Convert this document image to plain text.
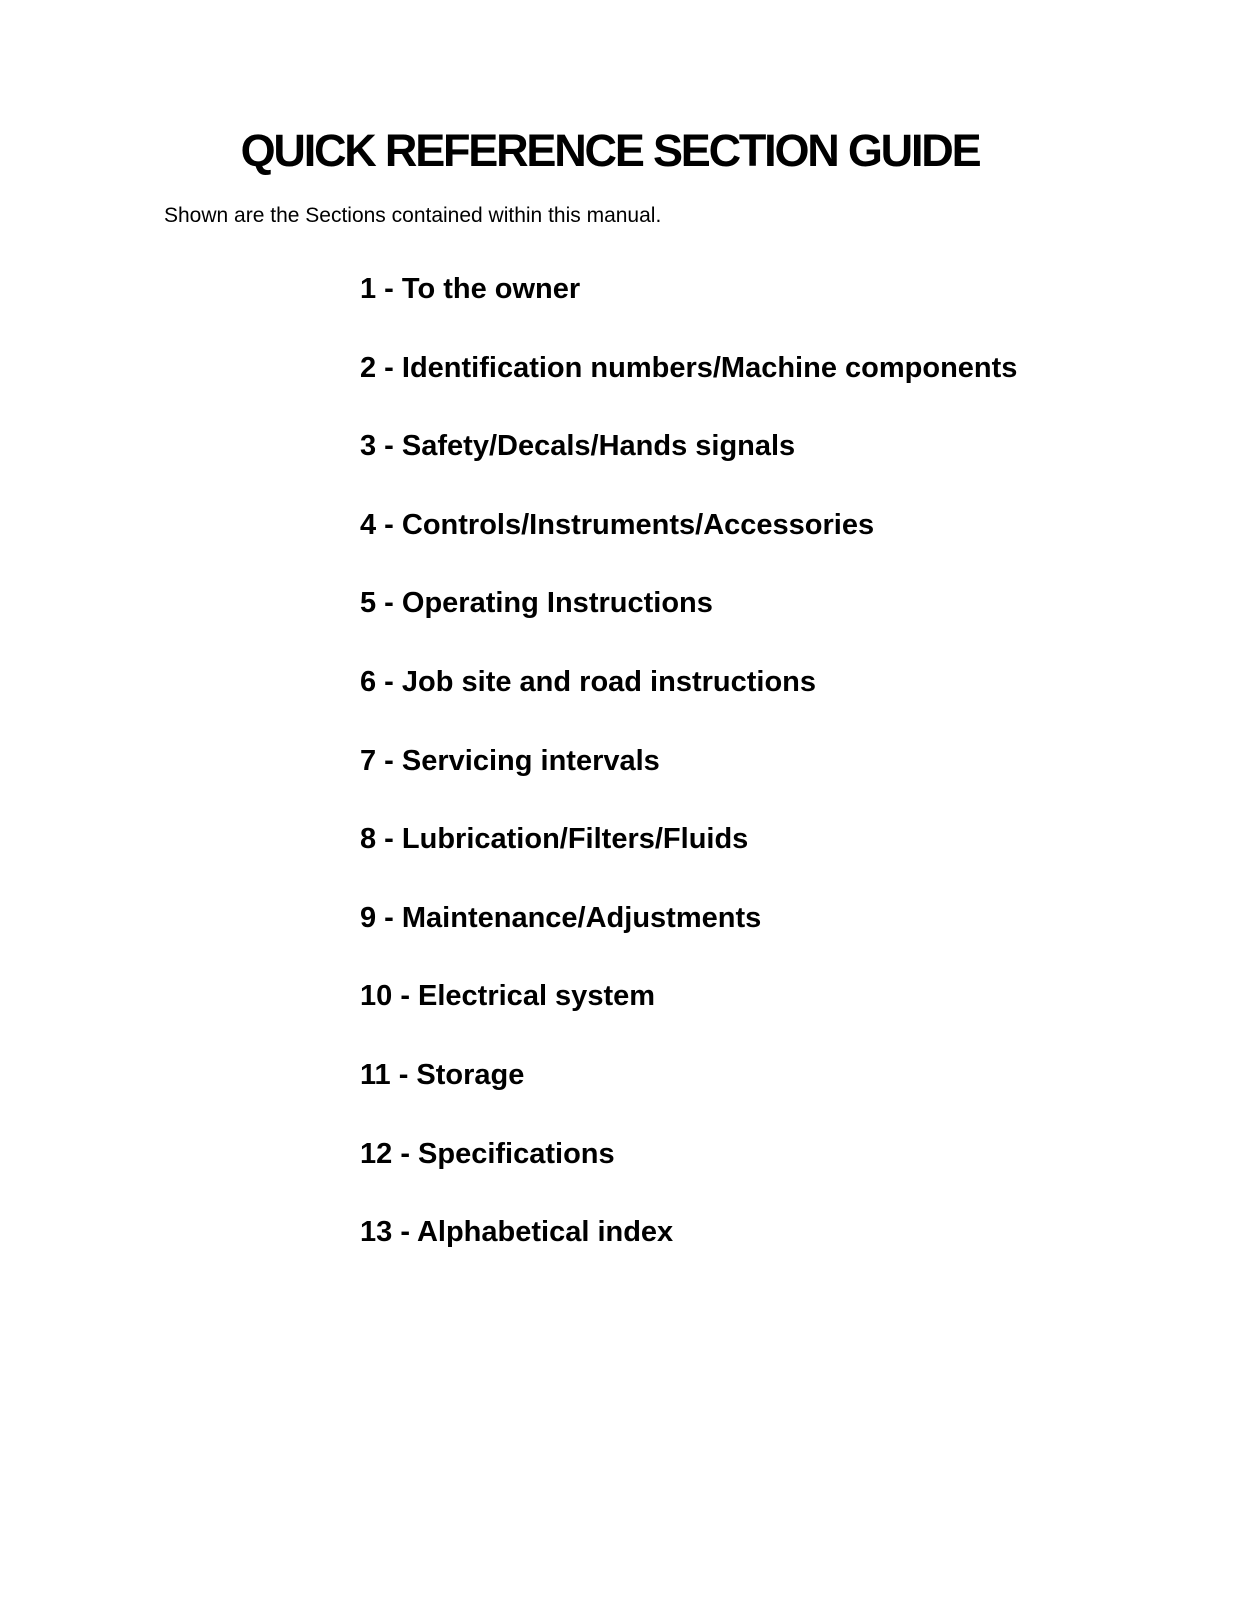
QUICK REFERENCE SECTION GUIDE

Shown are the Sections contained within this manual.

1 - To the owner
2 - Identification numbers/Machine components
3 - Safety/Decals/Hands signals
4 - Controls/Instruments/Accessories
5 - Operating Instructions
6 - Job site and road instructions
7 - Servicing intervals
8 - Lubrication/Filters/Fluids
9 - Maintenance/Adjustments
10 - Electrical system
11 - Storage
12 - Specifications
13 - Alphabetical index
